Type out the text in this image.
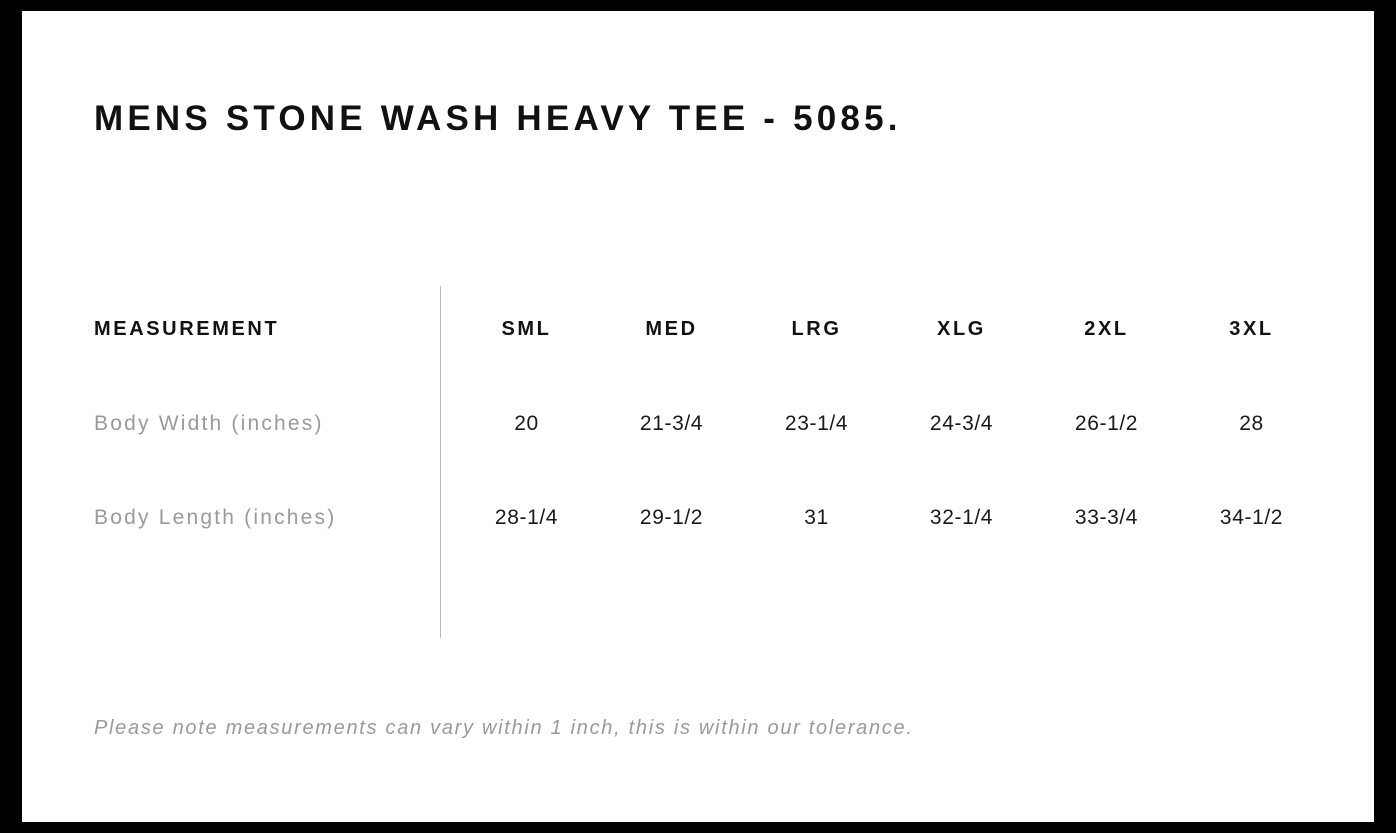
MENS STONE WASH HEAVY TEE - 5085.
MEASUREMENT	SML	MED	LRG	XLG	2XL	3XL
Body Width (inches)	20	21-3/4	23-1/4	24-3/4	26-1/2	28
Body Length (inches)	28-1/4	29-1/2	31	32-1/4	33-3/4	34-1/2
Please note measurements can vary within 1 inch, this is within our tolerance.
